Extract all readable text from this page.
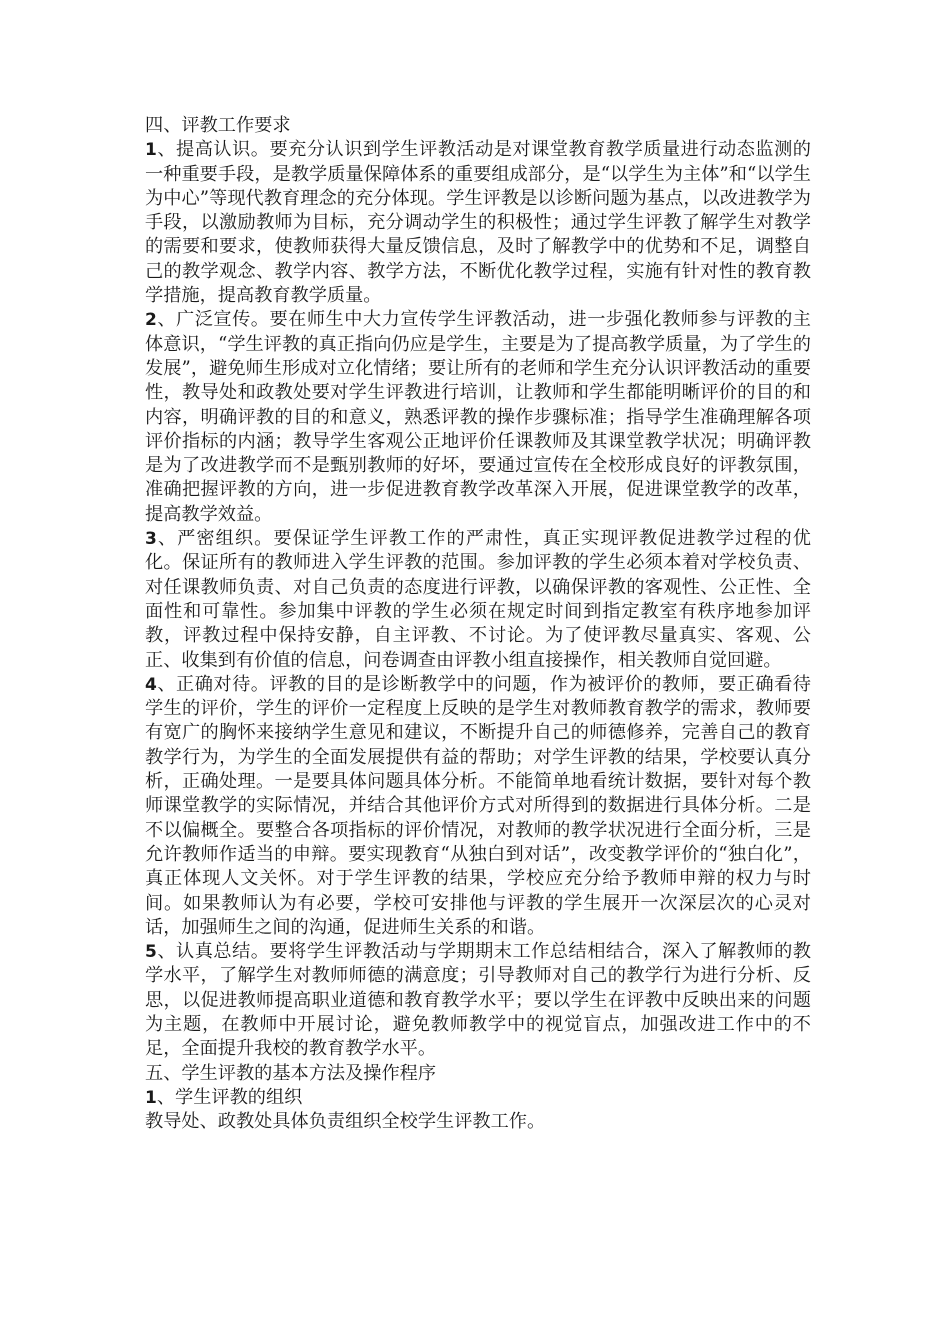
四、评教工作要求

1、提高认识。要充分认识到学生评教活动是对课堂教育教学质量进行动态监测的一种重要手段，是教学质量保障体系的重要组成部分，是“以学生为主体”和“以学生为中心”等现代教育理念的充分体现。学生评教是以诊断问题为基点，以改进教学为手段，以激励教师为目标，充分调动学生的积极性；通过学生评教了解学生对教学的需要和要求，使教师获得大量反馈信息，及时了解教学中的优势和不足，调整自己的教学观念、教学内容、教学方法，不断优化教学过程，实施有针对性的教育教学措施，提高教育教学质量。

2、广泛宣传。要在师生中大力宣传学生评教活动，进一步强化教师参与评教的主体意识，“学生评教的真正指向仍应是学生，主要是为了提高教学质量，为了学生的发展”，避免师生形成对立化情绪；要让所有的老师和学生充分认识评教活动的重要性，教导处和政教处要对学生评教进行培训，让教师和学生都能明晰评价的目的和内容，明确评教的目的和意义，熟悉评教的操作步骤标准；指导学生准确理解各项评价指标的内涵；教导学生客观公正地评价任课教师及其课堂教学状况；明确评教是为了改进教学而不是甄别教师的好坏，要通过宣传在全校形成良好的评教氛围，准确把握评教的方向，进一步促进教育教学改革深入开展，促进课堂教学的改革，提高教学效益。

3、严密组织。要保证学生评教工作的严肃性，真正实现评教促进教学过程的优化。保证所有的教师进入学生评教的范围。参加评教的学生必须本着对学校负责、对任课教师负责、对自己负责的态度进行评教，以确保评教的客观性、公正性、全面性和可靠性。参加集中评教的学生必须在规定时间到指定教室有秩序地参加评教，评教过程中保持安静，自主评教、不讨论。为了使评教尽量真实、客观、公正、收集到有价值的信息，问卷调查由评教小组直接操作，相关教师自觉回避。

4、正确对待。评教的目的是诊断教学中的问题，作为被评价的教师，要正确看待学生的评价，学生的评价一定程度上反映的是学生对教师教育教学的需求，教师要有宽广的胸怀来接纳学生意见和建议，不断提升自己的师德修养，完善自己的教育教学行为，为学生的全面发展提供有益的帮助；对学生评教的结果，学校要认真分析，正确处理。一是要具体问题具体分析。不能简单地看统计数据，要针对每个教师课堂教学的实际情况，并结合其他评价方式对所得到的数据进行具体分析。二是不以偏概全。要整合各项指标的评价情况，对教师的教学状况进行全面分析，三是允许教师作适当的申辩。要实现教育“从独白到对话”，改变教学评价的“独白化”，真正体现人文关怀。对于学生评教的结果，学校应充分给予教师申辩的权力与时间。如果教师认为有必要，学校可安排他与评教的学生展开一次深层次的心灵对话，加强师生之间的沟通，促进师生关系的和谐。

5、认真总结。要将学生评教活动与学期期末工作总结相结合，深入了解教师的教学水平，了解学生对教师师德的满意度；引导教师对自己的教学行为进行分析、反思，以促进教师提高职业道德和教育教学水平；要以学生在评教中反映出来的问题为主题，在教师中开展讨论，避免教师教学中的视觉盲点，加强改进工作中的不足，全面提升我校的教育教学水平。

五、学生评教的基本方法及操作程序

1、学生评教的组织

教导处、政教处具体负责组织全校学生评教工作。
